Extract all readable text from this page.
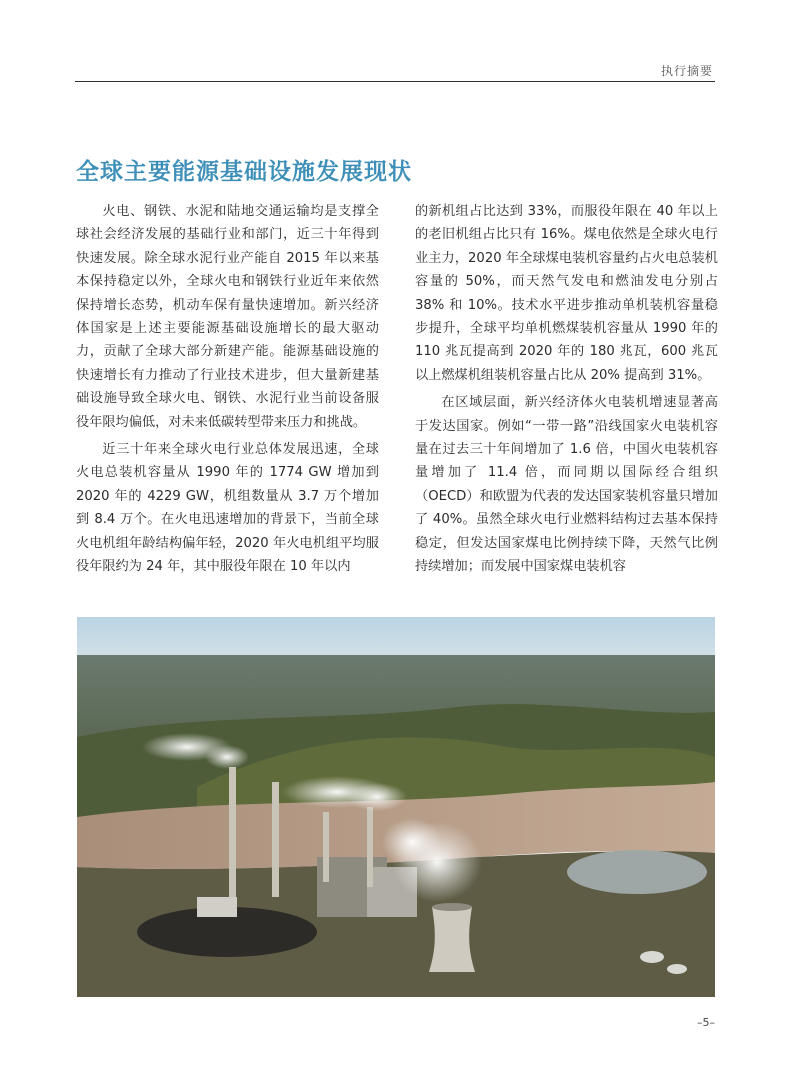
执行摘要
全球主要能源基础设施发展现状

火电、钢铁、水泥和陆地交通运输均是支撑全球社会经济发展的基础行业和部门，近三十年得到快速发展。除全球水泥行业产能自 2015 年以来基本保持稳定以外，全球火电和钢铁行业近年来依然保持增长态势，机动车保有量快速增加。新兴经济体国家是上述主要能源基础设施增长的最大驱动力，贡献了全球大部分新建产能。能源基础设施的快速增长有力推动了行业技术进步，但大量新建基础设施导致全球火电、钢铁、水泥行业当前设备服役年限均偏低，对未来低碳转型带来压力和挑战。

近三十年来全球火电行业总体发展迅速，全球火电总装机容量从 1990 年的 1774 GW 增加到 2020 年的 4229 GW，机组数量从 3.7 万个增加到 8.4 万个。在火电迅速增加的背景下，当前全球火电机组年龄结构偏年轻，2020 年火电机组平均服役年限约为 24 年，其中服役年限在 10 年以内

的新机组占比达到 33%，而服役年限在 40 年以上的老旧机组占比只有 16%。煤电依然是全球火电行业主力，2020 年全球煤电装机容量约占火电总装机容量的 50%，而天然气发电和燃油发电分别占 38% 和 10%。技术水平进步推动单机装机容量稳步提升，全球平均单机燃煤装机容量从 1990 年的 110 兆瓦提高到 2020 年的 180 兆瓦，600 兆瓦以上燃煤机组装机容量占比从 20% 提高到 31%。

在区域层面，新兴经济体火电装机增速显著高于发达国家。例如“一带一路”沿线国家火电装机容量在过去三十年间增加了 1.6 倍，中国火电装机容量增加了 11.4 倍，而同期以国际经合组织（OECD）和欧盟为代表的发达国家装机容量只增加了 40%。虽然全球火电行业燃料结构过去基本保持稳定，但发达国家煤电比例持续下降，天然气比例持续增加；而发展中国家煤电装机容

–5–
